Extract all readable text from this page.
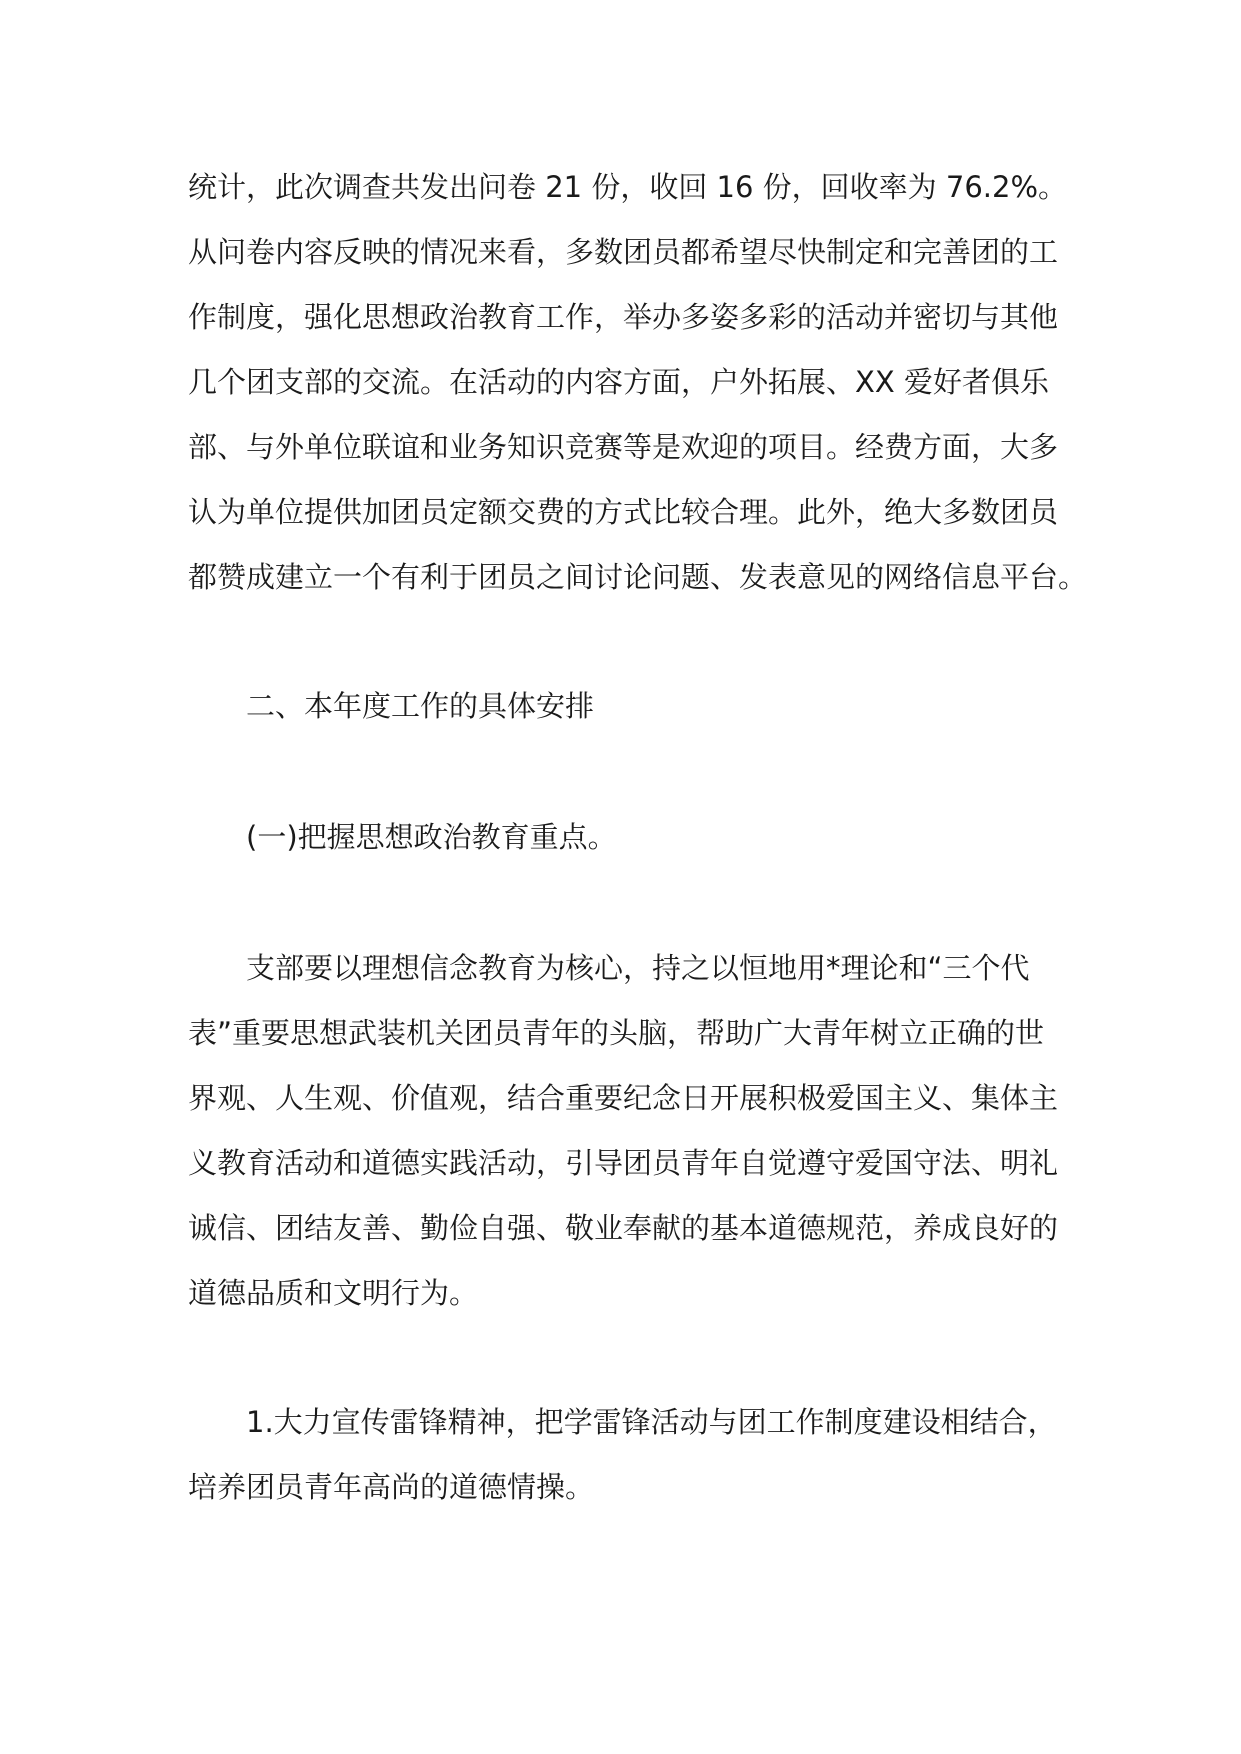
统计，此次调查共发出问卷 21 份，收回 16 份，回收率为 76.2%。
从问卷内容反映的情况来看，多数团员都希望尽快制定和完善团的工
作制度，强化思想政治教育工作，举办多姿多彩的活动并密切与其他
几个团支部的交流。在活动的内容方面，户外拓展、XX 爱好者俱乐
部、与外单位联谊和业务知识竞赛等是欢迎的项目。经费方面，大多
认为单位提供加团员定额交费的方式比较合理。此外，绝大多数团员
都赞成建立一个有利于团员之间讨论问题、发表意见的网络信息平台。
二、本年度工作的具体安排
(一)把握思想政治教育重点。
支部要以理想信念教育为核心，持之以恒地用*理论和“三个代
表”重要思想武装机关团员青年的头脑，帮助广大青年树立正确的世
界观、人生观、价值观，结合重要纪念日开展积极爱国主义、集体主
义教育活动和道德实践活动，引导团员青年自觉遵守爱国守法、明礼
诚信、团结友善、勤俭自强、敬业奉献的基本道德规范，养成良好的
道德品质和文明行为。
1.大力宣传雷锋精神，把学雷锋活动与团工作制度建设相结合，
培养团员青年高尚的道德情操。
